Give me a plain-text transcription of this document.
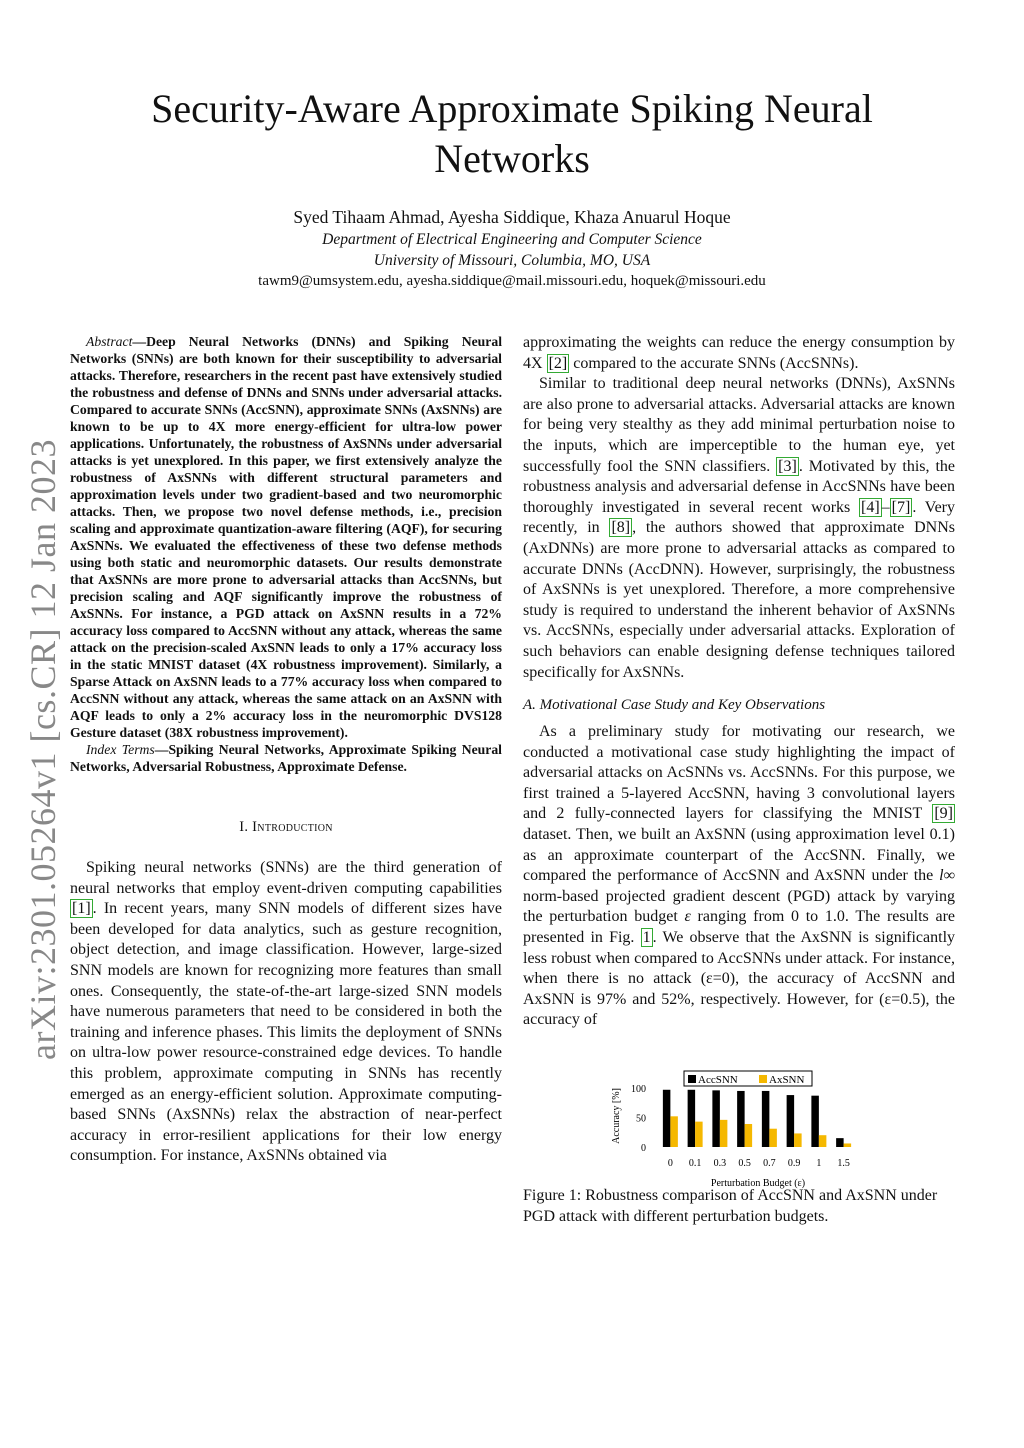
arXiv:2301.05264v1 [cs.CR] 12 Jan 2023
Security-Aware Approximate Spiking Neural
Networks
Syed Tihaam Ahmad, Ayesha Siddique, Khaza Anuarul Hoque
Department of Electrical Engineering and Computer Science
University of Missouri, Columbia, MO, USA
tawm9@umsystem.edu, ayesha.siddique@mail.missouri.edu, hoquek@missouri.edu

Abstract—Deep Neural Networks (DNNs) and Spiking Neural Networks (SNNs) are both known for their susceptibility to adversarial attacks. Therefore, researchers in the recent past have extensively studied the robustness and defense of DNNs and SNNs under adversarial attacks. Compared to accurate SNNs (AccSNN), approximate SNNs (AxSNNs) are known to be up to 4X more energy-efficient for ultra-low power applications. Unfortunately, the robustness of AxSNNs under adversarial attacks is yet unexplored. In this paper, we first extensively analyze the robustness of AxSNNs with different structural parameters and approximation levels under two gradient-based and two neuromorphic attacks. Then, we propose two novel defense methods, i.e., precision scaling and approximate quantization-aware filtering (AQF), for securing AxSNNs. We evaluated the effectiveness of these two defense methods using both static and neuromorphic datasets. Our results demonstrate that AxSNNs are more prone to adversarial attacks than AccSNNs, but precision scaling and AQF significantly improve the robustness of AxSNNs. For instance, a PGD attack on AxSNN results in a 72% accuracy loss compared to AccSNN without any attack, whereas the same attack on the precision-scaled AxSNN leads to only a 17% accuracy loss in the static MNIST dataset (4X robustness improvement). Similarly, a Sparse Attack on AxSNN leads to a 77% accuracy loss when compared to AccSNN without any attack, whereas the same attack on an AxSNN with AQF leads to only a 2% accuracy loss in the neuromorphic DVS128 Gesture dataset (38X robustness improvement).

Index Terms—Spiking Neural Networks, Approximate Spiking Neural Networks, Adversarial Robustness, Approximate Defense.

I. Introduction

Spiking neural networks (SNNs) are the third generation of neural networks that employ event-driven computing capabilities [1] . In recent years, many SNN models of different sizes have been developed for data analytics, such as gesture recognition, object detection, and image classification. However, large-sized SNN models are known for recognizing more features than small ones. Consequently, the state-of-the-art large-sized SNN models have numerous parameters that need to be considered in both the training and inference phases. This limits the deployment of SNNs on ultra-low power resource-constrained edge devices. To handle this problem, approximate computing in SNNs has recently emerged as an energy-efficient solution. Approximate computing-based SNNs (AxSNNs) relax the abstraction of near-perfect accuracy in error-resilient applications for their low energy consumption. For instance, AxSNNs obtained via

approximating the weights can reduce the energy consumption by 4X [2] compared to the accurate SNNs (AccSNNs).

Similar to traditional deep neural networks (DNNs), AxSNNs are also prone to adversarial attacks. Adversarial attacks are known for being very stealthy as they add minimal perturbation noise to the inputs, which are imperceptible to the human eye, yet successfully fool the SNN classifiers. [3] . Motivated by this, the robustness analysis and adversarial defense in AccSNNs have been thoroughly investigated in several recent works [4] – [7] . Very recently, in [8] , the authors showed that approximate DNNs (AxDNNs) are more prone to adversarial attacks as compared to accurate DNNs (AccDNN). However, surprisingly, the robustness of AxSNNs is yet unexplored. Therefore, a more comprehensive study is required to understand the inherent behavior of AxSNNs vs. AccSNNs, especially under adversarial attacks. Exploration of such behaviors can enable designing defense techniques tailored specifically for AxSNNs.

A. Motivational Case Study and Key Observations

As a preliminary study for motivating our research, we conducted a motivational case study highlighting the impact of adversarial attacks on AcSNNs vs. AccSNNs. For this purpose, we first trained a 5-layered AccSNN, having 3 convolutional layers and 2 fully-connected layers for classifying the MNIST [9] dataset. Then, we built an AxSNN (using approximation level 0.1) as an approximate counterpart of the AccSNN. Finally, we compared the performance of AccSNN and AxSNN under the l∞ norm-based projected gradient descent (PGD) attack by varying the perturbation budget ε ranging from 0 to 1.0. The results are presented in Fig. 1 . We observe that the AxSNN is significantly less robust when compared to AccSNNs under attack. For instance, when there is no attack (ε=0), the accuracy of AccSNN and AxSNN is 97% and 52%, respectively. However, for (ε=0.5), the accuracy of

AccSNN	AxSNN
Accuracy [%]
Perturbation Budget (ε)
0
50
100
0 0.1 0.3 0.5 0.7 0.9 1 1.5
Figure 1: Robustness comparison of AccSNN and AxSNN under PGD attack with different perturbation budgets.
